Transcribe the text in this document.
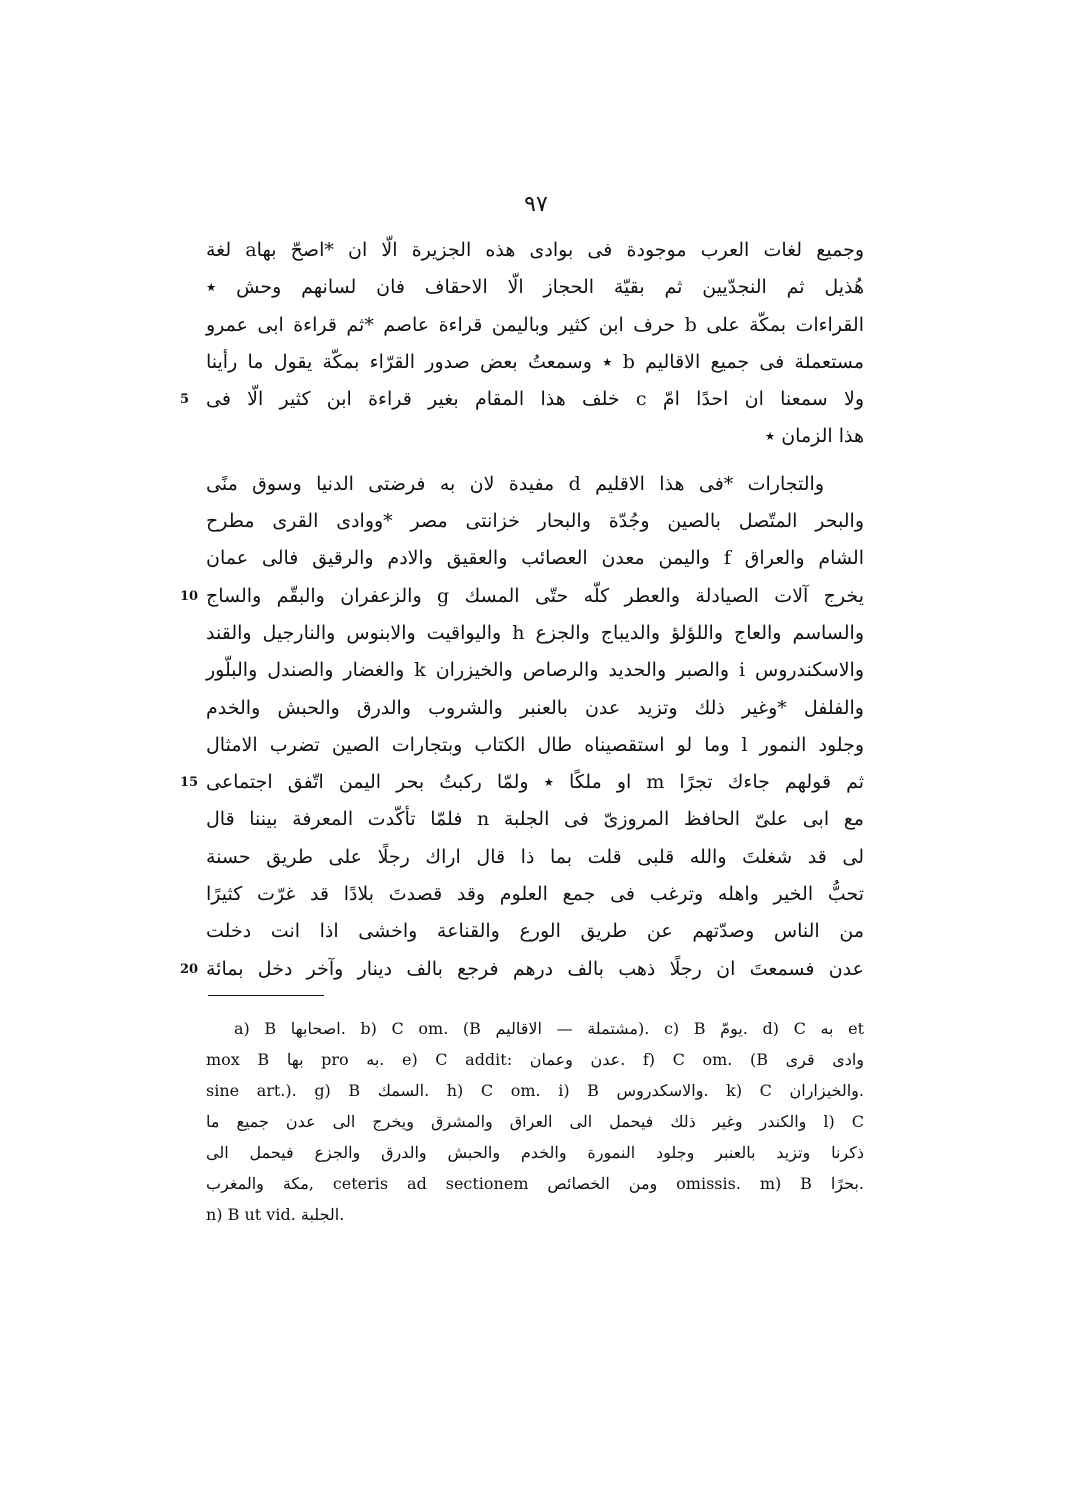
٩٧
وجميع لغات العرب موجودة فى بوادى هذه الجزيرة الّا ان *اصحّ بهاa لغة
هُذيل ثم النجدّيين ثم بقيّة الحجاز الّا الاحقاف فان لسانهم وحش ٭
القراءات بمكّة على b حرف ابن كثير وباليمن قراءة عاصم *ثم قراءة ابى عمرو
مستعملة فى جميع الاقاليم b ٭ وسمعتُ بعض صدور القرّاء بمكّة يقول ما رأينا
ولا سمعنا ان احدًا امّ c خلف هذا المقام بغير قراءة ابن كثير الّا فى
5
هذا الزمان ٭
والتجارات *فى هذا الاقليم d مفيدة لان به فرضتى الدنيا وسوق منًى
والبحر المتّصل بالصين وجُدّة والبحار خزانتى مصر *ووادى القرى مطرح
الشام والعراق f واليمن معدن العصائب والعقيق والادم والرقيق فالى عمان
يخرج آلات الصيادلة والعطر كلّه حتّى المسك g والزعفران والبقّم والساج
10
والساسم والعاج واللؤلؤ والديباج والجزع h واليواقيت والابنوس والنارجيل والقند
والاسكندروس i والصبر والحديد والرصاص والخيزران k والغضار والصندل والبلّور
والفلفل *وغير ذلك وتزيد عدن بالعنبر والشروب والدرق والحبش والخدم
وجلود النمور l وما لو استقصيناه طال الكتاب وبتجارات الصين تضرب الامثال
ثم قولهم جاءك تجرًا m او ملكًا ٭ ولمّا ركبتُ بحر اليمن اتّفق اجتماعى
15
مع ابى علىّ الحافظ المروزىّ فى الجلبة n فلمّا تأكّدت المعرفة بيننا قال
لى قد شغلتَ والله قلبى قلت بما ذا قال اراك رجلًا على طريق حسنة
تحبُّ الخير واهله وترغب فى جمع العلوم وقد قصدتَ بلادًا قد غرّت كثيرًا
من الناس وصدّتهم عن طريق الورع والقناعة واخشى اذا انت دخلت
عدن فسمعتَ ان رجلًا ذهب بالف درهم فرجع بالف دينار وآخر دخل بمائة
20
a) B اصحابها. b) C om. (B مشتملة — الاقاليم). c) B يومّ. d) C به et
mox B بها pro به. e) C addit: عدن وعمان. f) C om. (B وادى قرى
sine art.). g) B السمك. h) C om. i) B والاسكدروس. k) C والخيزاران.
l) C والكندر وغير ذلك فيحمل الى العراق والمشرق ويخرج الى عدن جميع ما
ذكرنا وتزيد بالعنبر وجلود النمورة والخدم والحبش والدرق والجزع فيحمل الى
مكة والمغرب, ceteris ad sectionem ومن الخصائص omissis. m) B بحرًا.
n) B ut vid. الجلبة.
